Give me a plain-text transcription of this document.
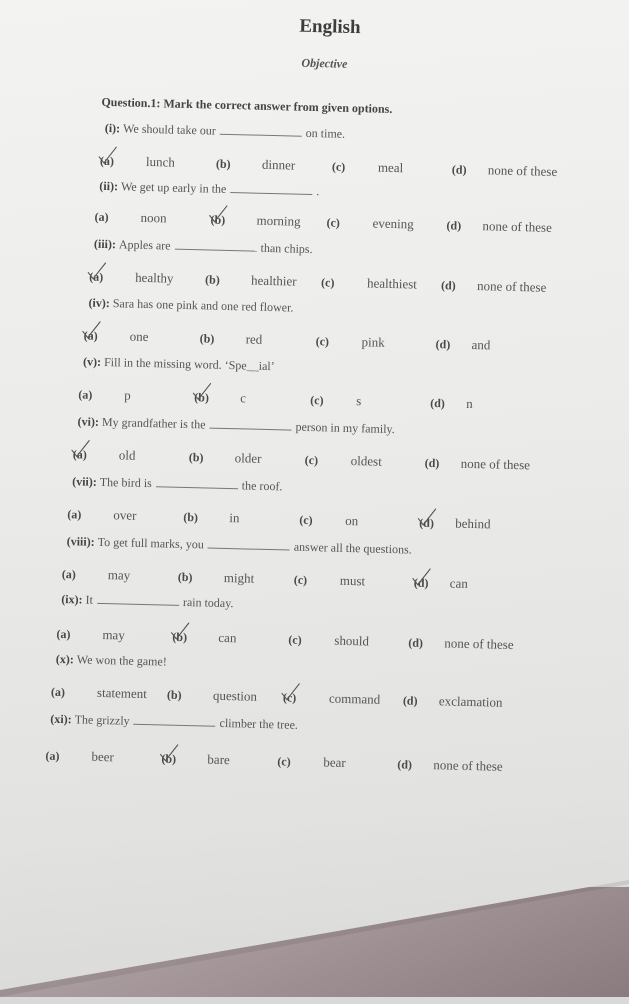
English
Objective
Question.1: Mark the correct answer from given options.
(i): We should take our	on time.
(a) lunch	(b) dinner	(c) meal	(d) none of these
(ii): We get up early in the	.
(a) noon	(b) morning (c) evening	(d) none of these
(iii): Apples are	than chips.
(a) healthy	(b) healthier (c) healthiest (d) none of these
(iv): Sara has one pink and one red flower.
(a) one	(b) red	(c) pink	(d) and
(v): Fill in the missing word. ‘Spe__ial’
(a) p	(b) c	(c) s	(d) n
(vi): My grandfather is the	person in my family.
(a) old	(b) older	(c) oldest	(d) none of these
(vii): The bird is	the roof.
(a) over	(b) in	(c) on	(d) behind
(viii): To get full marks, you	answer all the questions.
(a) may	(b) might	(c) must	(d) can
(ix): It	rain today.
(a) may	(b) can	(c) should	(d) none of these
(x): We won the game!
(a) statement (b) question (c) command (d) exclamation
(xi): The grizzly	climber the tree.
(a) beer	(b) bare	(c) bear	(d) none of these
